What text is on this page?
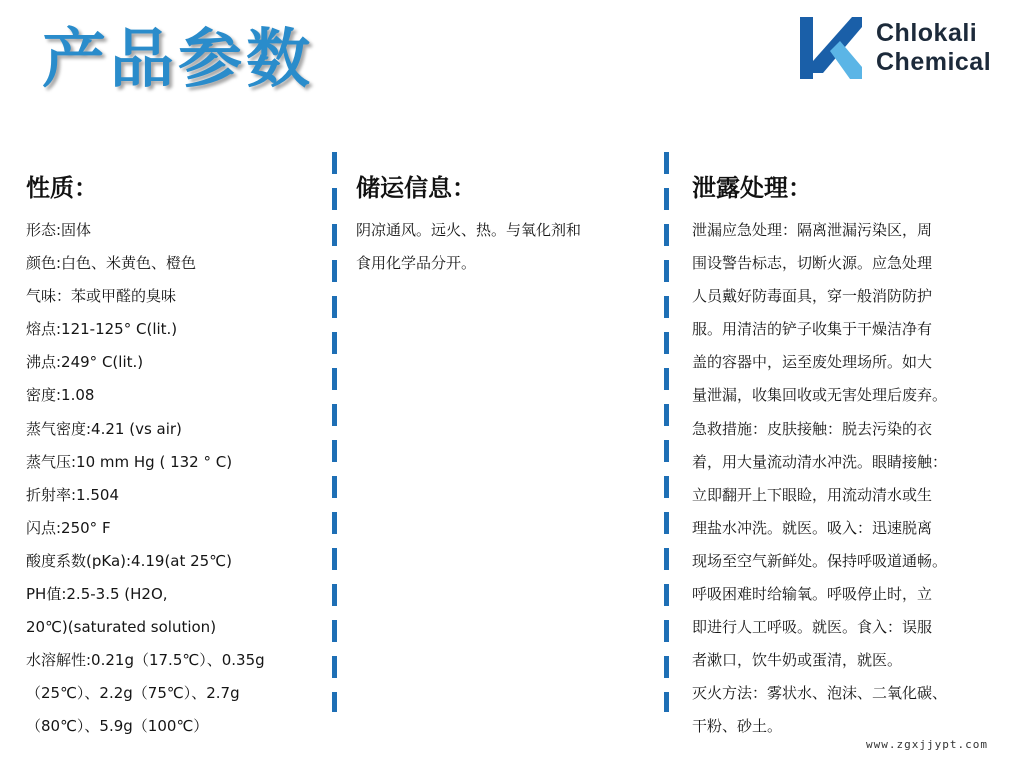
产品参数	Chlokali
Chemical
性质：
形态:固体
颜色:白色、米黄色、橙色
气味：苯或甲醛的臭味
熔点:121-125° C(lit.)
沸点:249° C(lit.)
密度:1.08
蒸气密度:4.21 (vs air)
蒸气压:10 mm Hg ( 132 ° C)
折射率:1.504
闪点:250° F
酸度系数(pKa):4.19(at 25℃)
PH值:2.5-3.5 (H2O,
20℃)(saturated solution)
水溶解性:0.21g（17.5℃）、0.35g
（25℃）、2.2g（75℃）、2.7g
（80℃）、5.9g（100℃）
储运信息：
阴凉通风。远火、热。与氧化剂和
食用化学品分开。
泄露处理：
泄漏应急处理：隔离泄漏污染区，周
围设警告标志，切断火源。应急处理
人员戴好防毒面具，穿一般消防防护
服。用清洁的铲子收集于干燥洁净有
盖的容器中，运至废处理场所。如大
量泄漏，收集回收或无害处理后废弃。
急救措施：皮肤接触：脱去污染的衣
着，用大量流动清水冲洗。眼睛接触：
立即翻开上下眼睑，用流动清水或生
理盐水冲洗。就医。吸入：迅速脱离
现场至空气新鲜处。保持呼吸道通畅。
呼吸困难时给输氧。呼吸停止时，立
即进行人工呼吸。就医。食入：误服
者漱口，饮牛奶或蛋清，就医。
灭火方法：雾状水、泡沫、二氧化碳、
干粉、砂土。
www.zgxjjypt.com
